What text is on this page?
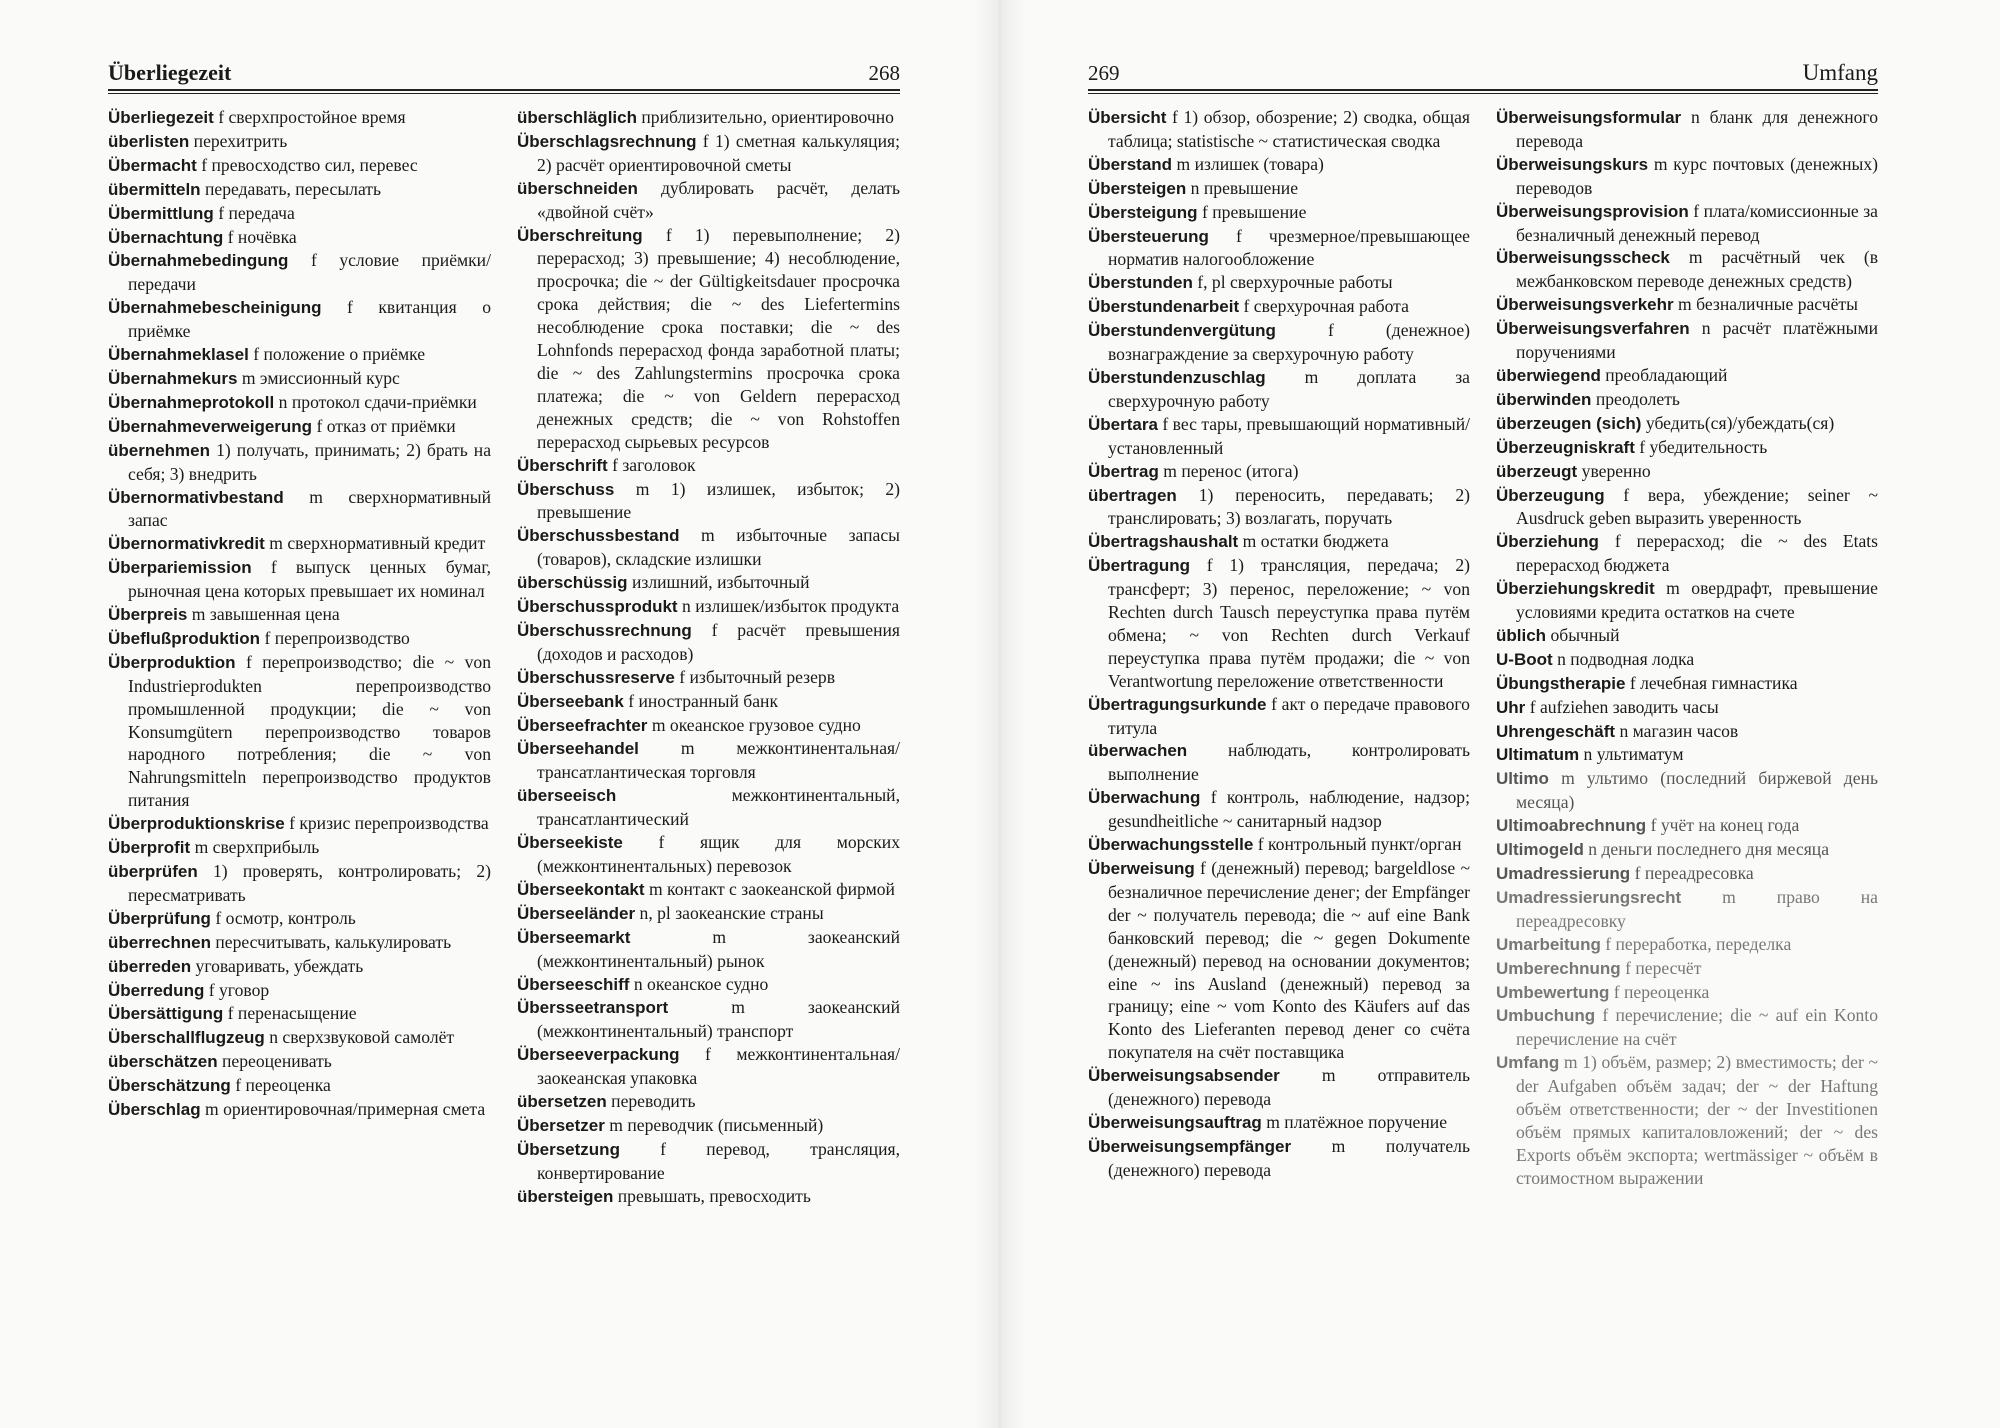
Überliegezeit	268

Überliegezeit f сверхпростойное время

überlisten перехитрить

Übermacht f превосходство сил, перевес

übermitteln передавать, пересылать

Übermittlung f передача

Übernachtung f ночёвка

Übernahmebedingung f условие приёмки/передачи

Übernahmebescheinigung f квитанция о приёмке

Übernahmeklasel f положение о приёмке

Übernahmekurs m эмиссионный курс

Übernahmeprotokoll n протокол сдачи-приёмки

Übernahmeverweigerung f отказ от приёмки

übernehmen 1) получать, принимать; 2) брать на себя; 3) внедрить

Übernormativbestand m сверхнормативный запас

Übernormativkredit m сверхнормативный кредит

Überpariemission f выпуск ценных бумаг, рыночная цена которых превышает их номинал

Überpreis m завышенная цена

Übeflußproduktion f перепроизводство

Überproduktion f перепроизводство; die ~ von Industrieprodukten перепроизводство промышленной продукции; die ~ von Konsumgütern перепроизводство товаров народного потребления; die ~ von Nahrungsmitteln перепроизводство продуктов питания

Überproduktionskrise f кризис перепроизводства

Überprofit m сверхприбыль

überprüfen 1) проверять, контролировать; 2) пересматривать

Überprüfung f осмотр, контроль

überrechnen пересчитывать, калькулировать

überreden уговаривать, убеждать

Überredung f уговор

Übersättigung f перенасыщение

Überschallflugzeug n сверхзвуковой самолёт

überschätzen переоценивать

Überschätzung f переоценка

Überschlag m ориентировочная/примерная смета

überschläglich приблизительно, ориентировочно

Überschlagsrechnung f 1) сметная калькуляция; 2) расчёт ориентировочной сметы

überschneiden дублировать расчёт, делать «двойной счёт»

Überschreitung f 1) перевыполнение; 2) перерасход; 3) превышение; 4) несоблюдение, просрочка; die ~ der Gültigkeitsdauer просрочка срока действия; die ~ des Liefertermins несоблюдение срока поставки; die ~ des Lohnfonds перерасход фонда заработной платы; die ~ des Zahlungstermins просрочка срока платежа; die ~ von Geldern перерасход денежных средств; die ~ von Rohstoffen перерасход сырьевых ресурсов

Überschrift f заголовок

Überschuss m 1) излишек, избыток; 2) превышение

Überschussbestand m избыточные запасы (товаров), складские излишки

überschüssig излишний, избыточный

Überschussprodukt n излишек/избыток продукта

Überschussrechnung f расчёт превышения (доходов и расходов)

Überschussreserve f избыточный резерв

Überseebank f иностранный банк

Überseefrachter m океанское грузовое судно

Überseehandel m межконтинентальная/трансатлантическая торговля

überseeisch	межконтинентальный, трансатлантический

Überseekiste f ящик для морских (межконтинентальных) перевозок

Überseekontakt m контакт с заокеанской фирмой

Überseeländer n, pl заокеанские страны

Überseemarkt	m заокеанский (межконтинентальный) рынок

Überseeschiff n океанское судно

Übersseetransport	m заокеанский (межконтинентальный) транспорт

Überseeverpackung f межконтинентальная/заокеанская упаковка

übersetzen переводить

Übersetzer m переводчик (письменный)

Übersetzung f перевод, трансляция, конвертирование

übersteigen превышать, превосходить

269	Umfang

Übersicht f 1) обзор, обозрение; 2) сводка, общая таблица; statistische ~ статистическая сводка

Überstand m излишек (товара)

Übersteigen n превышение

Übersteigung f превышение

Übersteuerung f чрезмерное/превышающее норматив налогообложение

Überstunden f, pl сверхурочные работы

Überstundenarbeit f сверхурочная работа

Überstundenvergütung	f (денежное) вознаграждение за сверхурочную работу

Überstundenzuschlag m доплата за сверхурочную работу

Übertara f вес тары, превышающий нормативный/установленный

Übertrag m перенос (итога)

übertragen 1) переносить, передавать; 2) транслировать; 3) возлагать, поручать

Übertragshaushalt m остатки бюджета

Übertragung f 1) трансляция, передача; 2) трансферт; 3) перенос, переложение; ~ von Rechten durch Tausch переуступка права путём обмена; ~ von Rechten durch Verkauf переуступка права путём продажи; die ~ von Verantwortung переложение ответственности

Übertragungsurkunde f акт о передаче правового титула

überwachen наблюдать, контролировать выполнение

Überwachung f контроль, наблюдение, надзор; gesundheitliche ~ санитарный надзор

Überwachungsstelle f контрольный пункт/орган

Überweisung f (денежный) перевод; bargeldlose ~ безналичное перечисление денег; der Empfänger der ~ получатель перевода; die ~ auf eine Bank банковский перевод; die ~ gegen Dokumente (денежный) перевод на основании документов; eine ~ ins Ausland (денежный) перевод за границу; eine ~ vom Konto des Käufers auf das Konto des Lieferanten перевод денег со счёта покупателя на счёт поставщика

Überweisungsabsender m отправитель (денежного) перевода

Überweisungsauftrag m платёжное поручение

Überweisungsempfänger m получатель (денежного) перевода

Überweisungsformular n бланк для денежного перевода

Überweisungskurs m курс почтовых (денежных) переводов

Überweisungsprovision f плата/комиссионные за безналичный денежный перевод

Überweisungsscheck m расчётный чек (в межбанковском переводе денежных средств)

Überweisungsverkehr m безналичные расчёты

Überweisungsverfahren n расчёт платёжными поручениями

überwiegend преобладающий

überwinden преодолеть

überzeugen (sich) убедить(ся)/убеждать(ся)

Überzeugniskraft f убедительность

überzeugt уверенно

Überzeugung f вера, убеждение; seiner ~ Ausdruck geben выразить уверенность

Überziehung f перерасход; die ~ des Etats перерасход бюджета

Überziehungskredit m овердрафт, превышение условиями кредита остатков на счете

üblich обычный

U-Boot n подводная лодка

Übungstherapie f лечебная гимнастика

Uhr f aufziehen заводить часы

Uhrengeschäft n магазин часов

Ultimatum n ультиматум

Ultimo m ультимо (последний биржевой день месяца)

Ultimoabrechnung f учёт на конец года

Ultimogeld n деньги последнего дня месяца

Umadressierung f переадресовка

Umadressierungsrecht m право на переадресовку

Umarbeitung f переработка, переделка

Umberechnung f пересчёт

Umbewertung f переоценка

Umbuchung f перечисление; die ~ auf ein Konto перечисление на счёт

Umfang m 1) объём, размер; 2) вместимость; der ~ der Aufgaben объём задач; der ~ der Haftung объём ответственности; der ~ der Investitionen объём прямых капиталовложений; der ~ des Exports объём экспорта; wertmässiger ~ объём в стоимостном выражении
